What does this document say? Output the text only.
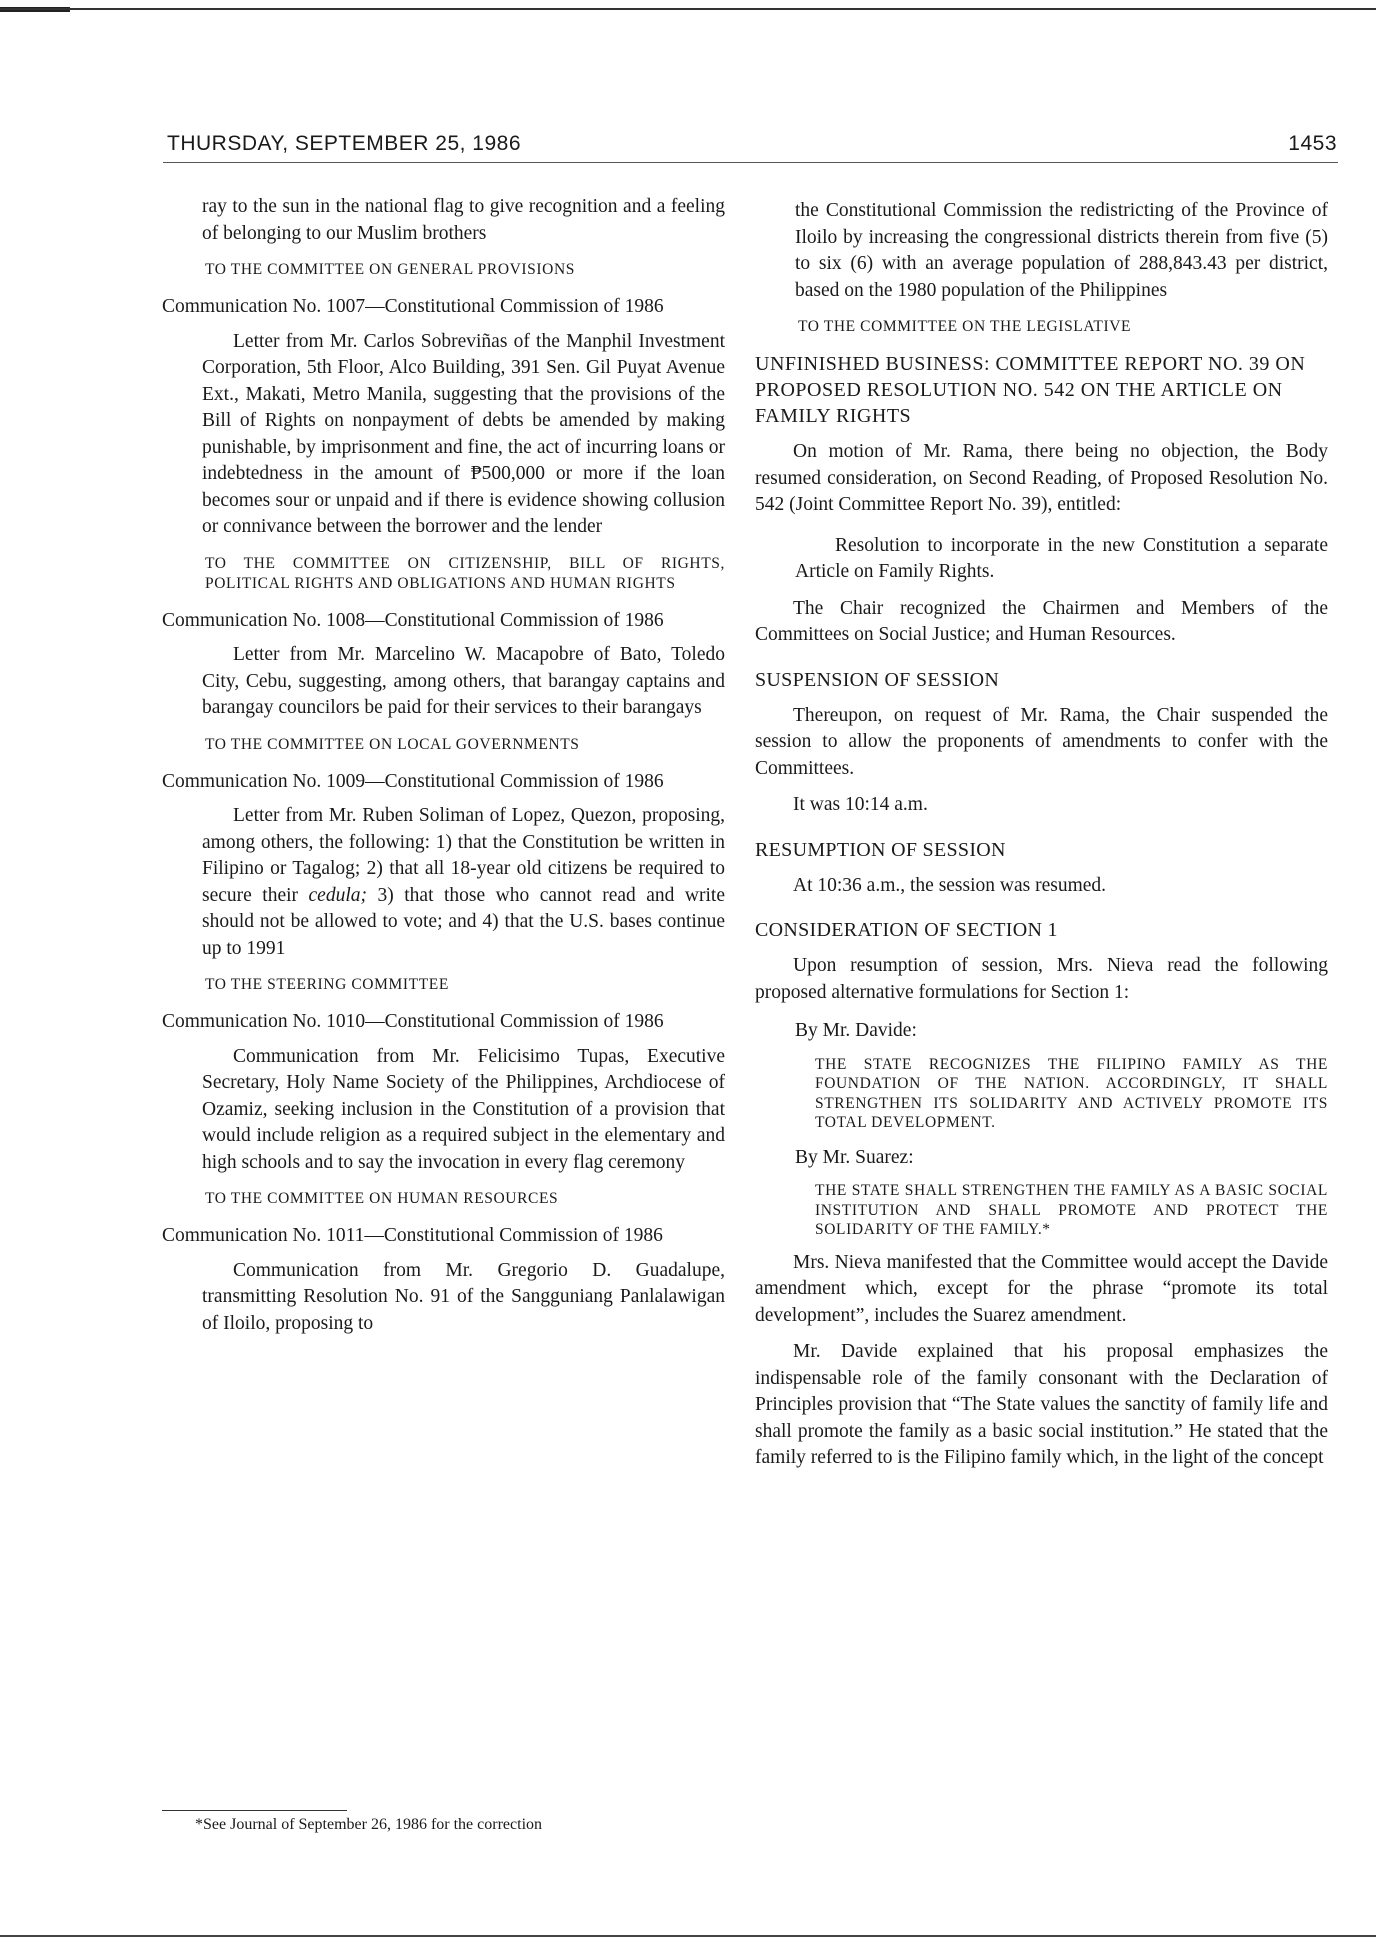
THURSDAY, SEPTEMBER 25, 1986	1453

ray to the sun in the national flag to give recognition and a feeling of belonging to our Muslim brothers

TO THE COMMITTEE ON GENERAL PROVISIONS

Communication No. 1007—Constitutional Commission of 1986

Letter from Mr. Carlos Sobreviñas of the Manphil Investment Corporation, 5th Floor, Alco Building, 391 Sen. Gil Puyat Avenue Ext., Makati, Metro Manila, suggesting that the provisions of the Bill of Rights on nonpayment of debts be amended by making punishable, by imprisonment and fine, the act of incurring loans or indebtedness in the amount of ₱500,000 or more if the loan becomes sour or unpaid and if there is evidence showing collusion or connivance between the borrower and the lender

TO THE COMMITTEE ON CITIZENSHIP, BILL OF RIGHTS, POLITICAL RIGHTS AND OBLIGATIONS AND HUMAN RIGHTS

Communication No. 1008—Constitutional Commission of 1986

Letter from Mr. Marcelino W. Macapobre of Bato, Toledo City, Cebu, suggesting, among others, that barangay captains and barangay councilors be paid for their services to their barangays

TO THE COMMITTEE ON LOCAL GOVERNMENTS

Communication No. 1009—Constitutional Commission of 1986

Letter from Mr. Ruben Soliman of Lopez, Quezon, proposing, among others, the following: 1) that the Constitution be written in Filipino or Tagalog; 2) that all 18-year old citizens be required to secure their cedula; 3) that those who cannot read and write should not be allowed to vote; and 4) that the U.S. bases continue up to 1991

TO THE STEERING COMMITTEE

Communication No. 1010—Constitutional Commission of 1986

Communication from Mr. Felicisimo Tupas, Executive Secretary, Holy Name Society of the Philippines, Archdiocese of Ozamiz, seeking inclusion in the Constitution of a provision that would include religion as a required subject in the elementary and high schools and to say the invocation in every flag ceremony

TO THE COMMITTEE ON HUMAN RESOURCES

Communication No. 1011—Constitutional Commission of 1986

Communication from Mr. Gregorio D. Guadalupe, transmitting Resolution No. 91 of the Sangguniang Panlalawigan of Iloilo, proposing to

*See Journal of September 26, 1986 for the correction

the Constitutional Commission the redistricting of the Province of Iloilo by increasing the congressional districts therein from five (5) to six (6) with an average population of 288,843.43 per district, based on the 1980 population of the Philippines

TO THE COMMITTEE ON THE LEGISLATIVE

UNFINISHED BUSINESS: COMMITTEE REPORT NO. 39 ON PROPOSED RESOLUTION NO. 542 ON THE ARTICLE ON FAMILY RIGHTS

On motion of Mr. Rama, there being no objection, the Body resumed consideration, on Second Reading, of Proposed Resolution No. 542 (Joint Committee Report No. 39), entitled:

Resolution to incorporate in the new Constitution a separate Article on Family Rights.

The Chair recognized the Chairmen and Members of the Committees on Social Justice; and Human Resources.

SUSPENSION OF SESSION

Thereupon, on request of Mr. Rama, the Chair suspended the session to allow the proponents of amendments to confer with the Committees.

It was 10:14 a.m.

RESUMPTION OF SESSION

At 10:36 a.m., the session was resumed.

CONSIDERATION OF SECTION 1

Upon resumption of session, Mrs. Nieva read the following proposed alternative formulations for Section 1:

By Mr. Davide:

THE STATE RECOGNIZES THE FILIPINO FAMILY AS THE FOUNDATION OF THE NATION. ACCORDINGLY, IT SHALL STRENGTHEN ITS SOLIDARITY AND ACTIVELY PROMOTE ITS TOTAL DEVELOPMENT.

By Mr. Suarez:

THE STATE SHALL STRENGTHEN THE FAMILY AS A BASIC SOCIAL INSTITUTION AND SHALL PROMOTE AND PROTECT THE SOLIDARITY OF THE FAMILY.*

Mrs. Nieva manifested that the Committee would accept the Davide amendment which, except for the phrase “promote its total development”, includes the Suarez amendment.

Mr. Davide explained that his proposal emphasizes the indispensable role of the family consonant with the Declaration of Principles provision that “The State values the sanctity of family life and shall promote the family as a basic social institution.” He stated that the family referred to is the Filipino family which, in the light of the concept
